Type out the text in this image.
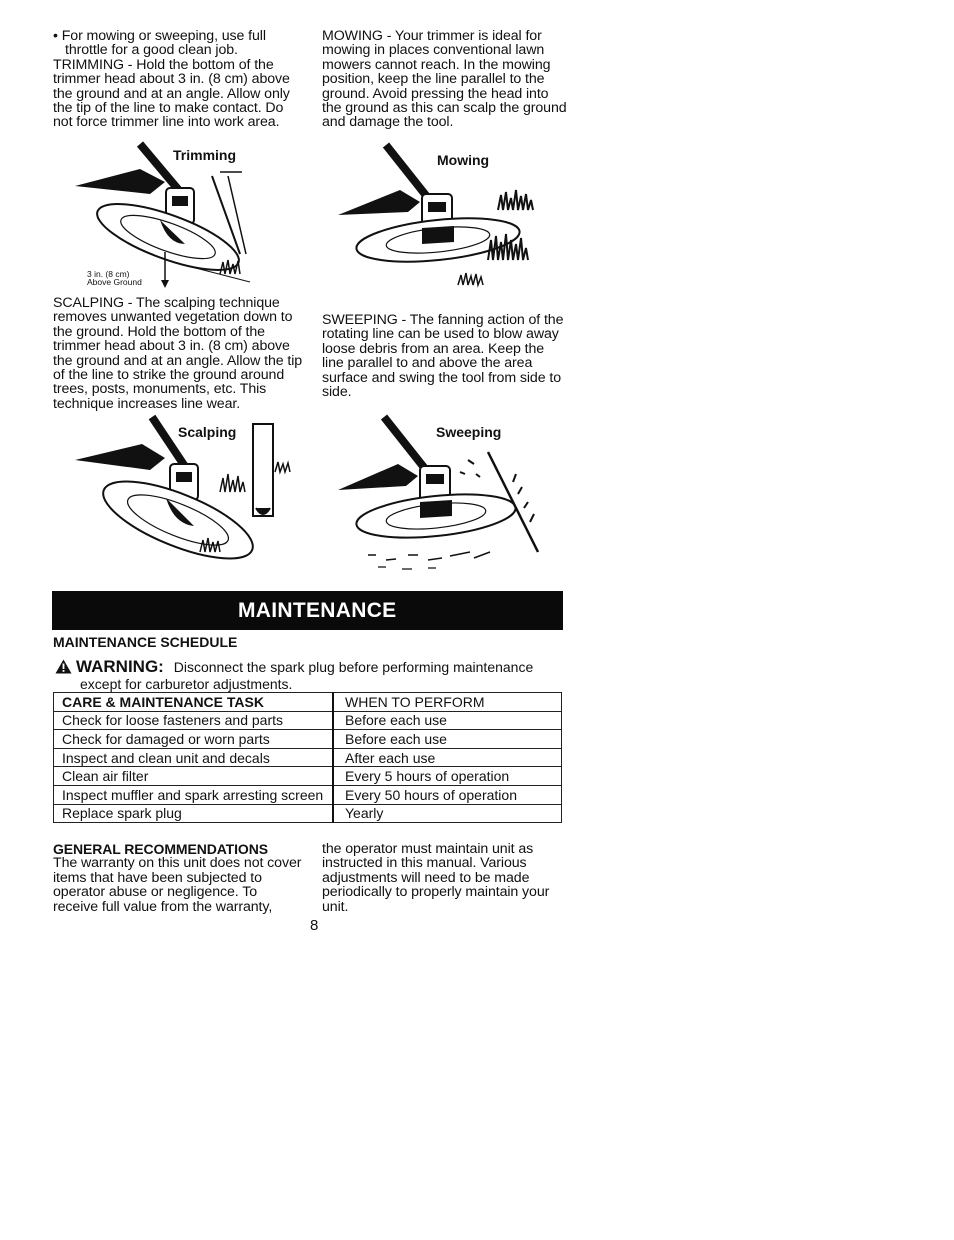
• For mowing or sweeping, use full throttle for a good clean job.

TRIMMING - Hold the bottom of the trimmer head about 3 in. (8 cm) above the ground and at an angle. Allow only the tip of the line to make contact. Do not force trimmer line into work area.

MOWING - Your trimmer is ideal for mowing in places conventional lawn mowers cannot reach. In the mowing position, keep the line parallel to the ground. Avoid pressing the head into the ground as this can scalp the ground and damage the tool.

Trimming
3 in. (8 cm)
Above Ground
Mowing

SCALPING - The scalping technique removes unwanted vegetation down to the ground. Hold the bottom of the trimmer head about 3 in. (8 cm) above the ground and at an angle. Allow the tip of the line to strike the ground around trees, posts, monuments, etc. This technique increases line wear.

SWEEPING - The fanning action of the rotating line can be used to blow away loose debris from an area. Keep the line parallel to and above the area surface and swing the tool from side to side.

Scalping	Sweeping
MAINTENANCE
MAINTENANCE SCHEDULE
WARNING: Disconnect the spark plug before performing maintenance
except for carburetor adjustments.
CARE & MAINTENANCE TASK	WHEN TO PERFORM
Check for loose fasteners and parts	Before each use
Check for damaged or worn parts	Before each use
Inspect and clean unit and decals	After each use
Clean air filter	Every 5 hours of operation
Inspect muffler and spark arresting screen	Every 50 hours of operation
Replace spark plug	Yearly
GENERAL RECOMMENDATIONS

The warranty on this unit does not cover items that have been subjected to operator abuse or negligence. To receive full value from the warranty,

the operator must maintain unit as instructed in this manual. Various adjustments will need to be made periodically to properly maintain your unit.

8
